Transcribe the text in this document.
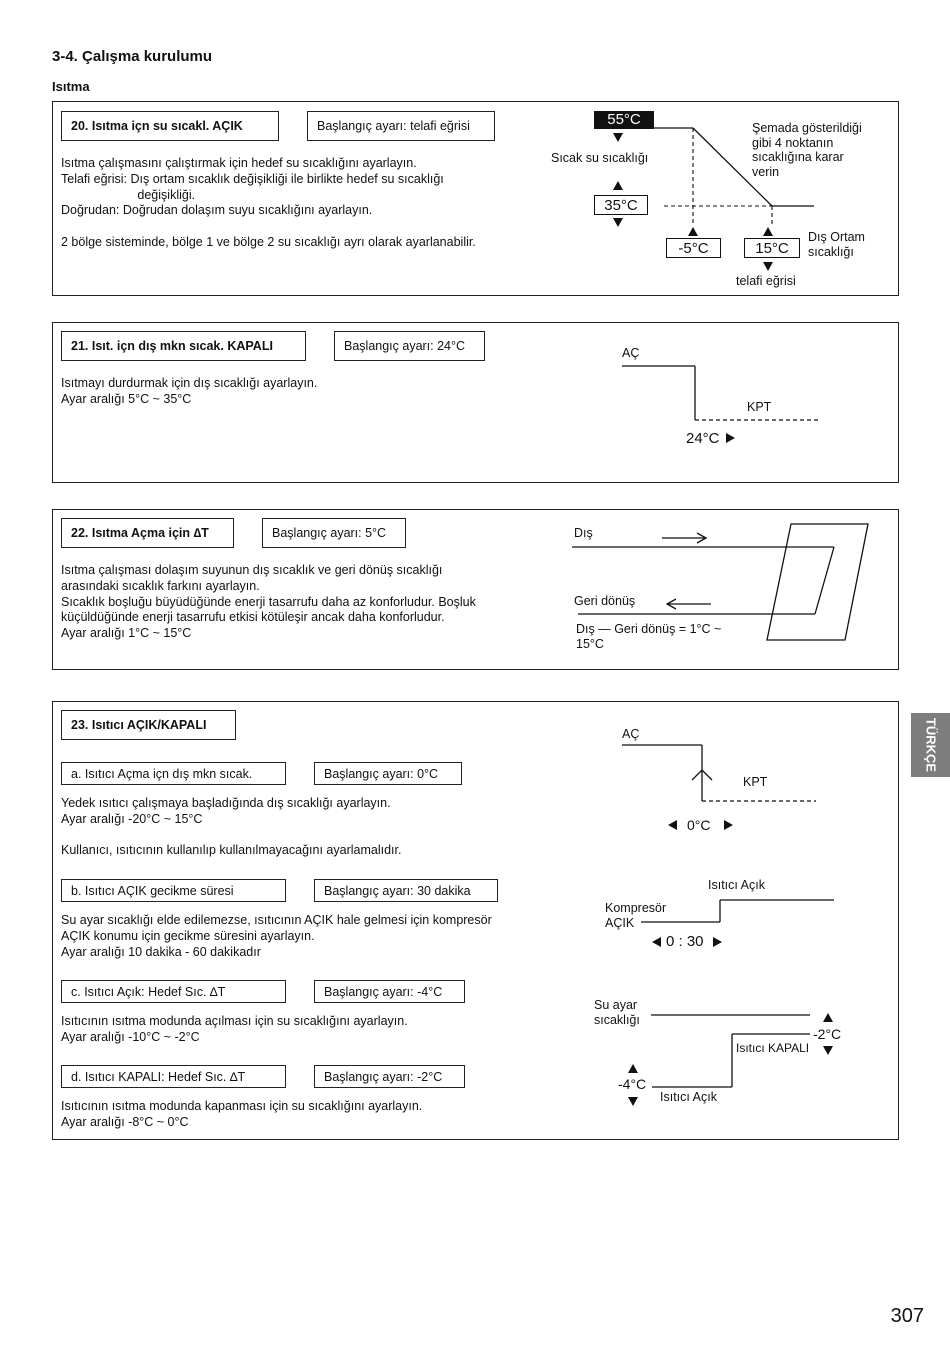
3-4. Çalışma kurulumu
Isıtma
20. Isıtma içn su sıcakl. AÇIK	Başlangıç ayarı: telafi eğrisi
Isıtma çalışmasını çalıştırmak için hedef su sıcaklığını ayarlayın.
Telafi eğrisi: Dış ortam sıcaklık değişikliği ile birlikte hedef su sıcaklığı
değişikliği.
Doğrudan: Doğrudan dolaşım suyu sıcaklığını ayarlayın.

2 bölge sisteminde, bölge 1 ve bölge 2 su sıcaklığı ayrı olarak ayarlanabilir.
55°C
35°C
-5°C	15°C
Sıcak su sıcaklığı
Şemada gösterildiği
gibi 4 noktanın
sıcaklığına karar
verin
Dış Ortam
sıcaklığı
telafi eğrisi
21. Isıt. içn dış mkn sıcak. KAPALI	Başlangıç ayarı: 24°C
Isıtmayı durdurmak için dış sıcaklığı ayarlayın.
Ayar aralığı 5°C ~ 35°C
AÇ
KPT
24°C
22. Isıtma Açma için ∆T	Başlangıç ayarı: 5°C
Isıtma çalışması dolaşım suyunun dış sıcaklık ve geri dönüş sıcaklığı
arasındaki sıcaklık farkını ayarlayın.
Sıcaklık boşluğu büyüdüğünde enerji tasarrufu daha az konforludur. Boşluk
küçüldüğünde enerji tasarrufu etkisi kötüleşir ancak daha konforludur.
Ayar aralığı 1°C ~ 15°C
Dış
Geri dönüş
Dış — Geri dönüş = 1°C ~
15°C
23. Isıtıcı AÇIK/KAPALI
a. Isıtıcı Açma içn dış mkn sıcak.	Başlangıç ayarı: 0°C
Yedek ısıtıcı çalışmaya başladığında dış sıcaklığı ayarlayın.
Ayar aralığı -20°C ~ 15°C

Kullanıcı, ısıtıcının kullanılıp kullanılmayacağını ayarlamalıdır.
b. Isıtıcı AÇIK gecikme süresi	Başlangıç ayarı: 30 dakika
Su ayar sıcaklığı elde edilemezse, ısıtıcının AÇIK hale gelmesi için kompresör
AÇIK konumu için gecikme süresini ayarlayın.
Ayar aralığı 10 dakika - 60 dakikadır
c. Isıtıcı Açık: Hedef Sıc. ∆T	Başlangıç ayarı: -4°C
Isıtıcının ısıtma modunda açılması için su sıcaklığını ayarlayın.
Ayar aralığı -10°C ~ -2°C
d. Isıtıcı KAPALI: Hedef Sıc. ∆T	Başlangıç ayarı: -2°C
Isıtıcının ısıtma modunda kapanması için su sıcaklığını ayarlayın.
Ayar aralığı -8°C ~ 0°C
AÇ
KPT
0°C
Isıtıcı Açık
Kompresör
AÇIK
0 : 30
Su ayar
sıcaklığı
-2°C
Isıtıcı KAPALI
-4°C
Isıtıcı Açık
TÜRKÇE
307
